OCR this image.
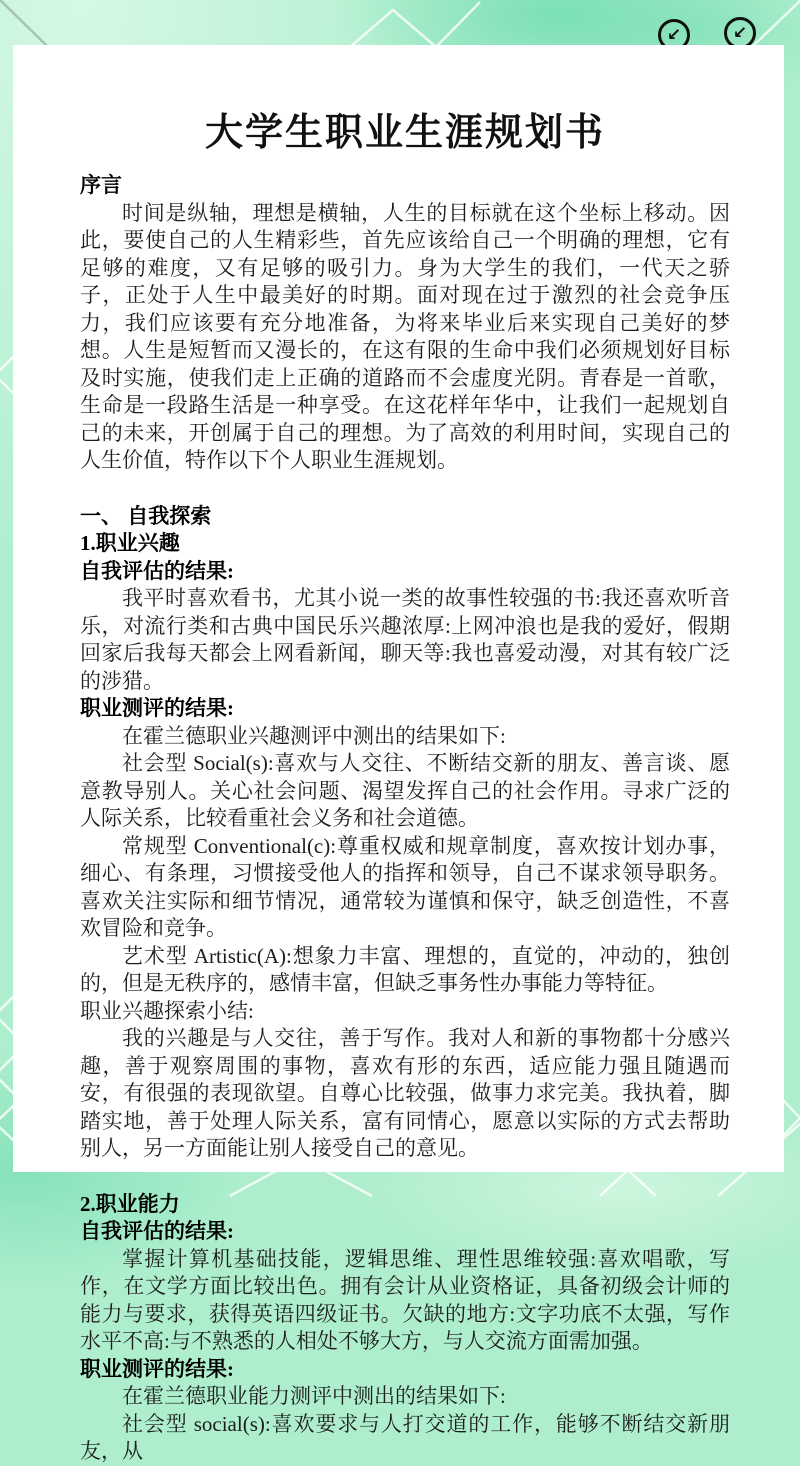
↙	↙
大学生职业生涯规划书
序言
时间是纵轴，理想是横轴，人生的目标就在这个坐标上移动。因此，要使自己的人生精彩些，首先应该给自己一个明确的理想，它有足够的难度，又有足够的吸引力。身为大学生的我们，一代天之骄子，正处于人生中最美好的时期。面对现在过于激烈的社会竞争压力，我们应该要有充分地准备，为将来毕业后来实现自己美好的梦想。人生是短暂而又漫长的，在这有限的生命中我们必须规划好目标及时实施，使我们走上正确的道路而不会虚度光阴。青春是一首歌，生命是一段路生活是一种享受。在这花样年华中，让我们一起规划自己的未来，开创属于自己的理想。为了高效的利用时间，实现自己的人生价值，特作以下个人职业生涯规划。
一、 自我探索
1.职业兴趣
自我评估的结果:
我平时喜欢看书，尤其小说一类的故事性较强的书:我还喜欢听音乐，对流行类和古典中国民乐兴趣浓厚:上网冲浪也是我的爱好，假期回家后我每天都会上网看新闻，聊天等:我也喜爱动漫，对其有较广泛的涉猎。
职业测评的结果:
在霍兰德职业兴趣测评中测出的结果如下:
社会型 Social(s):喜欢与人交往、不断结交新的朋友、善言谈、愿意教导别人。关心社会问题、渴望发挥自己的社会作用。寻求广泛的人际关系，比较看重社会义务和社会道德。
常规型 Conventional(c):尊重权威和规章制度，喜欢按计划办事，细心、有条理，习惯接受他人的指挥和领导，自己不谋求领导职务。喜欢关注实际和细节情况，通常较为谨慎和保守，缺乏创造性，不喜欢冒险和竞争。
艺术型 Artistic(A):想象力丰富、理想的，直觉的，冲动的，独创的，但是无秩序的，感情丰富，但缺乏事务性办事能力等特征。
职业兴趣探索小结:
我的兴趣是与人交往，善于写作。我对人和新的事物都十分感兴趣，善于观察周围的事物，喜欢有形的东西，适应能力强且随遇而安，有很强的表现欲望。自尊心比较强，做事力求完美。我执着，脚踏实地，善于处理人际关系，富有同情心，愿意以实际的方式去帮助别人，另一方面能让别人接受自己的意见。
2.职业能力
自我评估的结果:
掌握计算机基础技能，逻辑思维、理性思维较强:喜欢唱歌，写作，在文学方面比较出色。拥有会计从业资格证，具备初级会计师的能力与要求，获得英语四级证书。欠缺的地方:文字功底不太强，写作水平不高:与不熟悉的人相处不够大方，与人交流方面需加强。
职业测评的结果:
在霍兰德职业能力测评中测出的结果如下:
社会型 social(s):喜欢要求与人打交道的工作，能够不断结交新朋友，从
